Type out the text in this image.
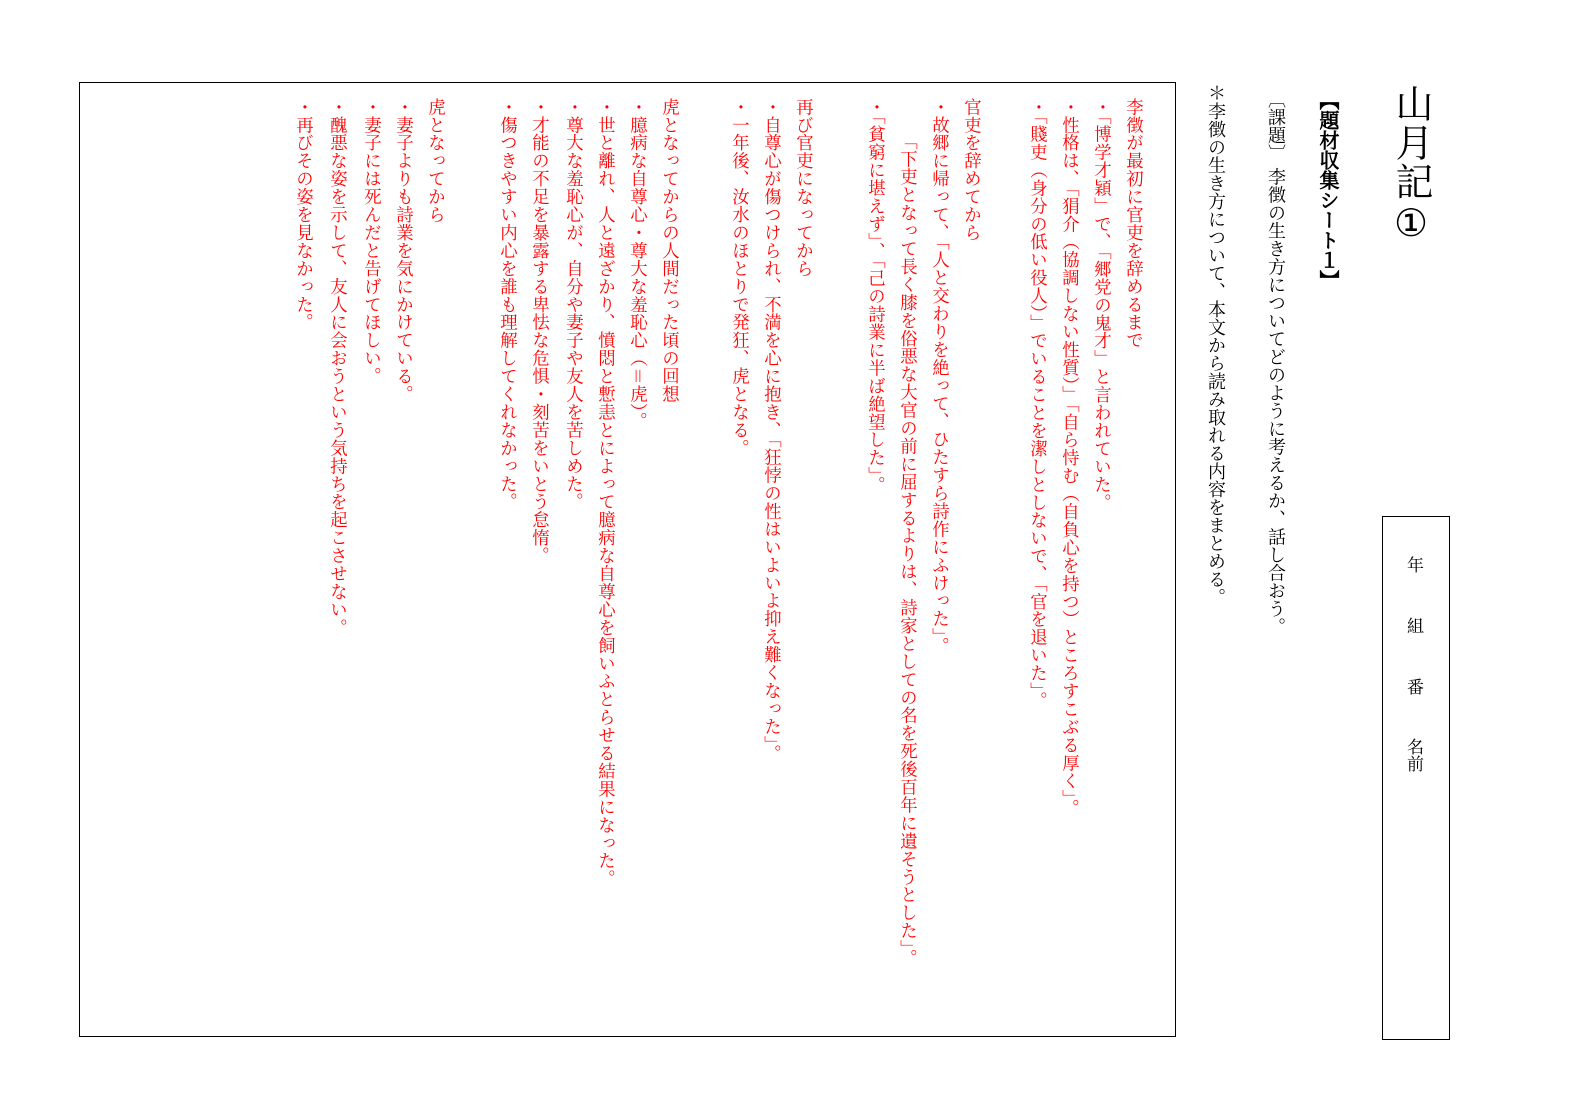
山月記①
【題材収集シート１】
〔課題〕 李徴の生き方についてどのように考えるか、話し合おう。
＊李徴の生き方について、本文から読み取れる内容をまとめる。	年
組
番
名前
李徴が最初に官吏を辞めるまで
・「博学才穎」で、「郷党の鬼才」と言われていた。
・性格は、「狷介（協調しない性質）」「自ら恃む（自負心を持つ）ところすこぶる厚く」。
・「賤吏（身分の低い役人）」でいることを潔しとしないで、「官を退いた」。
官吏を辞めてから
・故郷に帰って、「人と交わりを絶って、ひたすら詩作にふけった」。
「下吏となって長く膝を俗悪な大官の前に屈するよりは、詩家としての名を死後百年に遺そうとした」。
・「貧窮に堪えず」、「己の詩業に半ば絶望した」。
再び官吏になってから
・自尊心が傷つけられ、不満を心に抱き、「狂悖の性はいよいよ抑え難くなった」。
・一年後、汝水のほとりで発狂、虎となる。
虎となってからの人間だった頃の回想
・臆病な自尊心・尊大な羞恥心（＝虎）。
・世と離れ、人と遠ざかり、憤悶と慙恚とによって臆病な自尊心を飼いふとらせる結果になった。
・尊大な羞恥心が、自分や妻子や友人を苦しめた。
・才能の不足を暴露する卑怯な危惧・刻苦をいとう怠惰。
・傷つきやすい内心を誰も理解してくれなかった。
虎となってから
・妻子よりも詩業を気にかけている。
・妻子には死んだと告げてほしい。
・醜悪な姿を示して、友人に会おうという気持ちを起こさせない。
・再びその姿を見なかった。
